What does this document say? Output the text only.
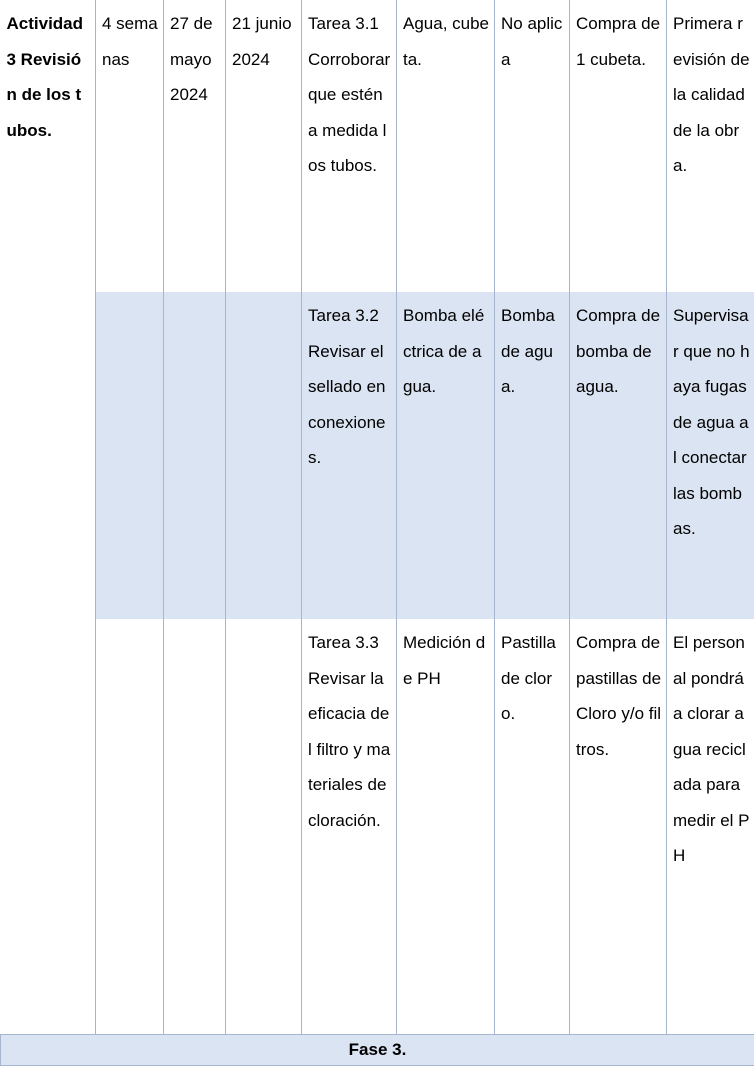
Actividad 3 Revisión de los tubos.	4 semanas	27 de mayo 2024	21 junio 2024	Tarea 3.1 Corroborar que estén a medida los tubos.	Agua, cubeta.	No aplica	Compra de 1 cubeta.	Primera revisión de la calidad de la obra.
				Tarea 3.2 Revisar el sellado en conexiones.	Bomba eléctrica de agua.	Bomba de agua.	Compra de bomba de agua.	Supervisar que no haya fugas de agua al conectar las bombas.
				Tarea 3.3 Revisar la eficacia del filtro y materiales de cloración.	Medición de PH	Pastilla de cloro.	Compra de pastillas de Cloro y/o filtros.	El personal pondrá a clorar agua reciclada para medir el PH
Fase 3.								
